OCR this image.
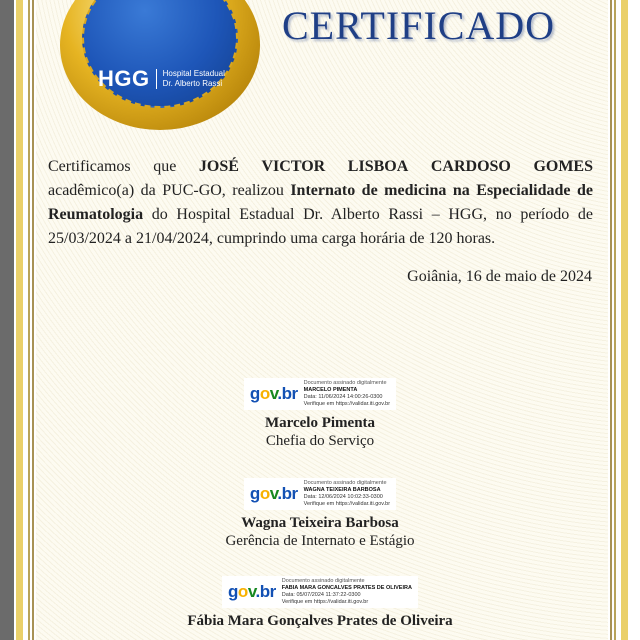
HGG Hospital Estadual
Dr. Alberto Rassi
CERTIFICADO
Certificamos que JOSÉ VICTOR LISBOA CARDOSO GOMES
acadêmico(a) da PUC-GO, realizou Internato de medicina na Especialidade de Reumatologia do Hospital Estadual Dr. Alberto Rassi – HGG, no período de 25/03/2024 a 21/04/2024, cumprindo uma carga horária de 120 horas.
Goiânia, 16 de maio de 2024
gov.br
Documento assinado digitalmente
MARCELO PIMENTA
Data: 11/06/2024 14:00:26-0300
Verifique em https://validar.iti.gov.br
Marcelo Pimenta
Chefia do Serviço
gov.br
Documento assinado digitalmente
WAGNA TEIXEIRA BARBOSA
Data: 12/06/2024 10:02:33-0300
Verifique em https://validar.iti.gov.br
Wagna Teixeira Barbosa
Gerência de Internato e Estágio
gov.br
Documento assinado digitalmente
FABIA MARA GONCALVES PRATES DE OLIVEIRA
Data: 05/07/2024 11:37:22-0300
Verifique em https://validar.iti.gov.br
Fábia Mara Gonçalves Prates de Oliveira
